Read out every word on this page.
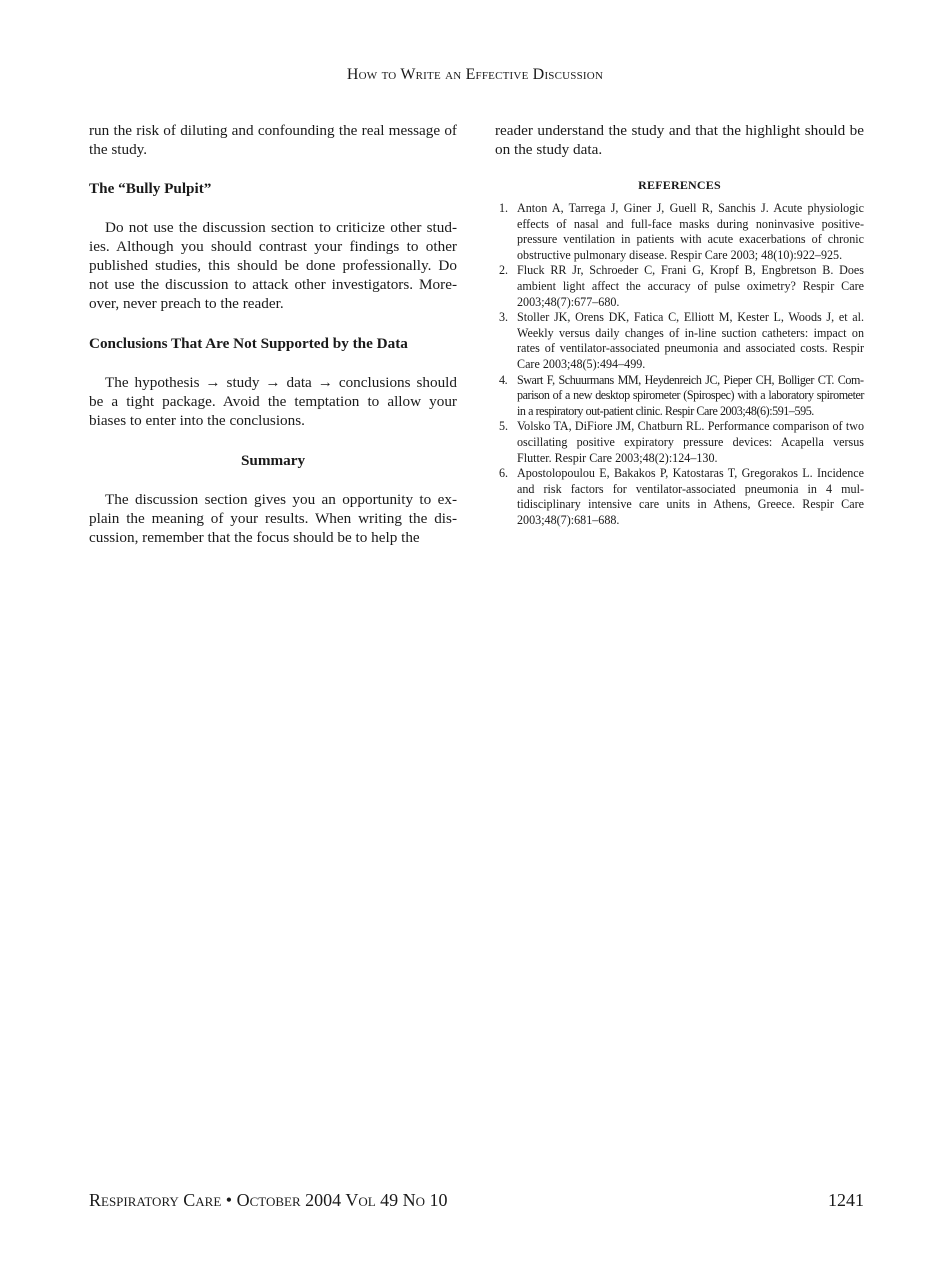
How to Write an Effective Discussion

run the risk of diluting and confounding the real message of the study.

The “Bully Pulpit”

Do not use the discussion section to criticize other studies. Although you should contrast your findings to other published studies, this should be done professionally. Do not use the discussion to attack other investigators. Moreover, never preach to the reader.

Conclusions That Are Not Supported by the Data

The hypothesis → study → data → conclusions should be a tight package. Avoid the temptation to allow your biases to enter into the conclusions.

Summary

The discussion section gives you an opportunity to explain the meaning of your results. When writing the discussion, remember that the focus should be to help the

reader understand the study and that the highlight should be on the study data.

REFERENCES
1. Anton A, Tarrega J, Giner J, Guell R, Sanchis J. Acute physiologic effects of nasal and full-face masks during noninvasive positive-pressure ventilation in patients with acute exacerbations of chronic obstructive pulmonary disease. Respir Care 2003; 48(10):922–925.
2. Fluck RR Jr, Schroeder C, Frani G, Kropf B, Engbretson B. Does ambient light affect the accuracy of pulse oximetry? Respir Care 2003;48(7):677–680.
3. Stoller JK, Orens DK, Fatica C, Elliott M, Kester L, Woods J, et al. Weekly versus daily changes of in-line suction catheters: impact on rates of ventilator-associated pneumonia and associated costs. Respir Care 2003;48(5):494–499.
4. Swart F, Schuurmans MM, Heydenreich JC, Pieper CH, Bolliger CT. Comparison of a new desktop spirometer (Spirospec) with a laboratory spirometer in a respiratory out-patient clinic. Respir Care 2003;48(6):591–595.
5. Volsko TA, DiFiore JM, Chatburn RL. Performance comparison of two oscillating positive expiratory pressure devices: Acapella versus Flutter. Respir Care 2003;48(2):124–130.
6. Apostolopoulou E, Bakakos P, Katostaras T, Gregorakos L. Incidence and risk factors for ventilator-associated pneumonia in 4 multidisciplinary intensive care units in Athens, Greece. Respir Care 2003;48(7):681–688.
Respiratory Care • October 2004 Vol 49 No 10	1241
